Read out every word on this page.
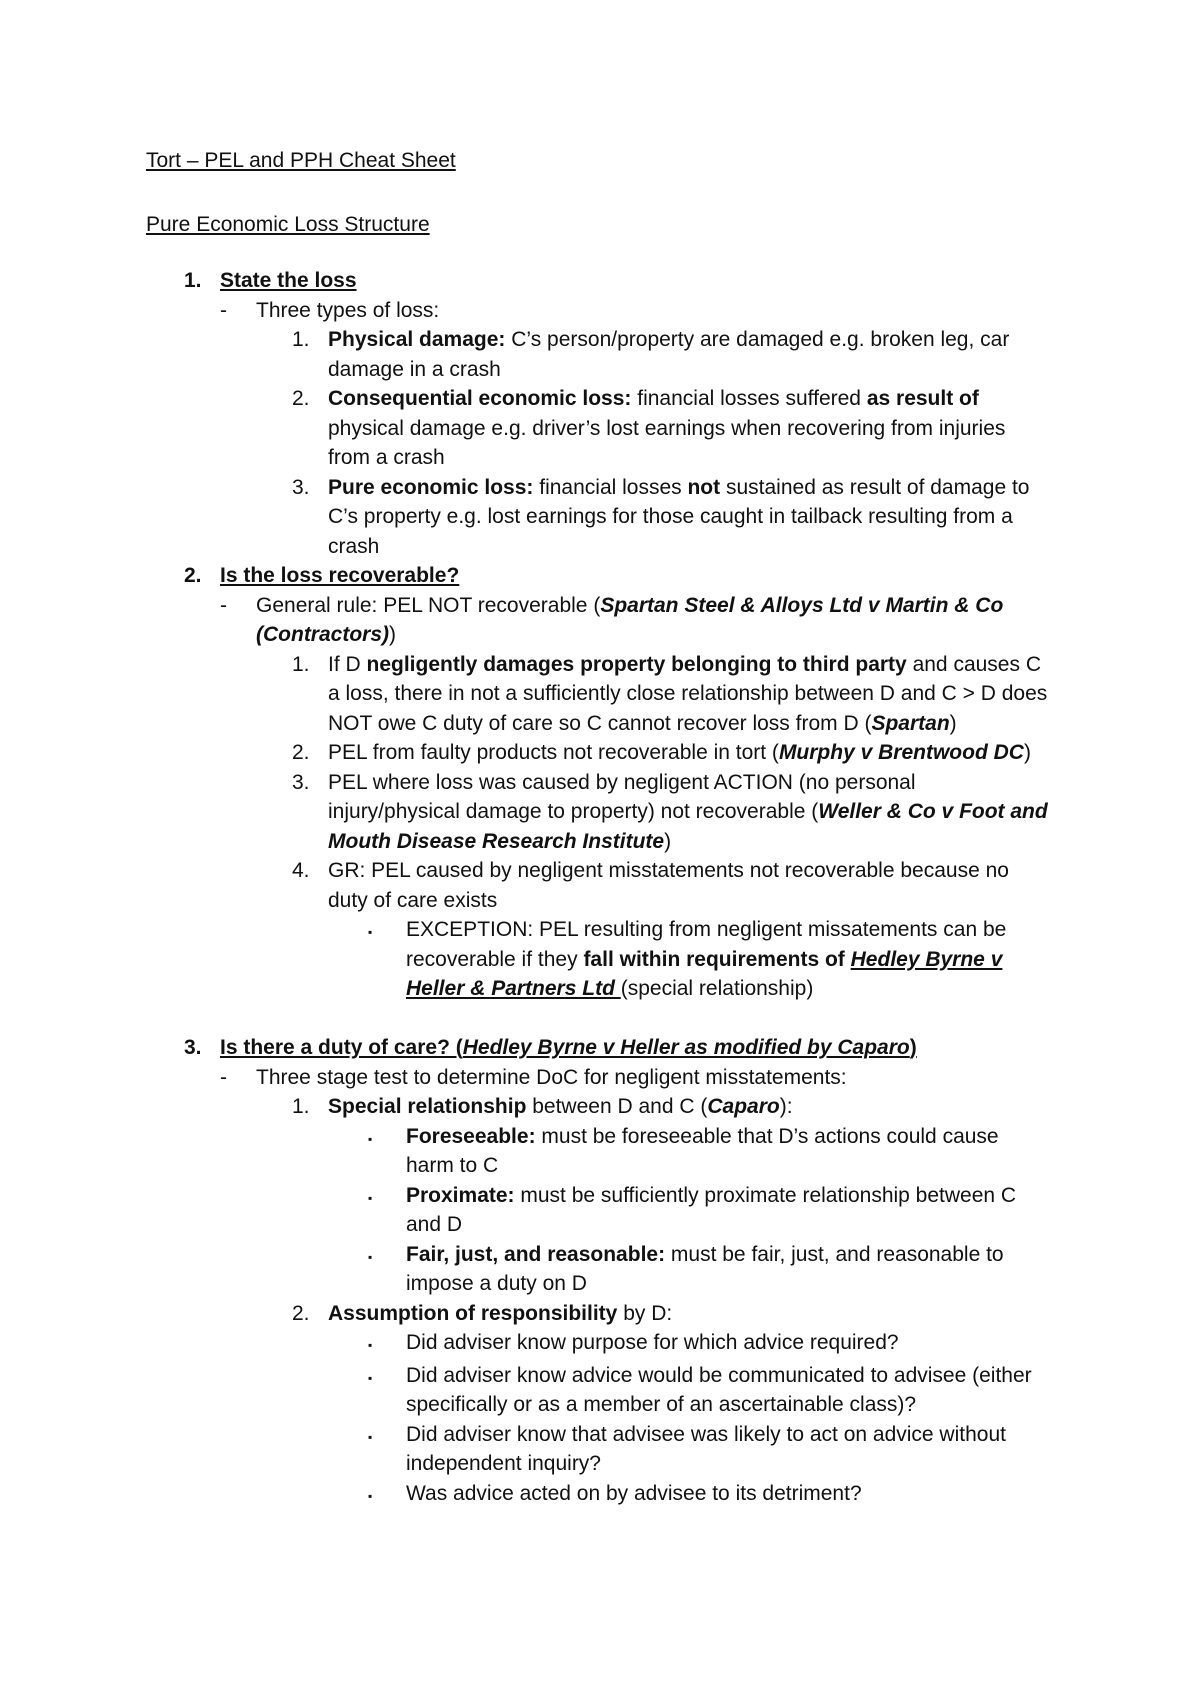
Tort – PEL and PPH Cheat Sheet

Pure Economic Loss Structure

1. State the loss
-	Three types of loss:
1. Physical damage: C’s person/property are damaged e.g. broken leg, car damage in a crash
2. Consequential economic loss: financial losses suffered as result of physical damage e.g. driver’s lost earnings when recovering from injuries from a crash
3. Pure economic loss: financial losses not sustained as result of damage to C’s property e.g. lost earnings for those caught in tailback resulting from a crash
2. Is the loss recoverable?
-	General rule: PEL NOT recoverable (Spartan Steel & Alloys Ltd v Martin & Co (Contractors))
1. If D negligently damages property belonging to third party and causes C a loss, there in not a sufficiently close relationship between D and C > D does NOT owe C duty of care so C cannot recover loss from D (Spartan)
2. PEL from faulty products not recoverable in tort (Murphy v Brentwood DC)
3. PEL where loss was caused by negligent ACTION (no personal injury/physical damage to property) not recoverable (Weller & Co v Foot and Mouth Disease Research Institute)
4. GR: PEL caused by negligent misstatements not recoverable because no duty of care exists
▪	EXCEPTION: PEL resulting from negligent missatements can be recoverable if they fall within requirements of Hedley Byrne v Heller & Partners Ltd (special relationship)
3. Is there a duty of care? (Hedley Byrne v Heller as modified by Caparo)
-	Three stage test to determine DoC for negligent misstatements:
1. Special relationship between D and C (Caparo):
▪	Foreseeable: must be foreseeable that D’s actions could cause harm to C
▪	Proximate: must be sufficiently proximate relationship between C and D
▪	Fair, just, and reasonable: must be fair, just, and reasonable to impose a duty on D
2. Assumption of responsibility by D:
▪	Did adviser know purpose for which advice required?
▪	Did adviser know advice would be communicated to advisee (either specifically or as a member of an ascertainable class)?
▪	Did adviser know that advisee was likely to act on advice without independent inquiry?
▪	Was advice acted on by advisee to its detriment?
